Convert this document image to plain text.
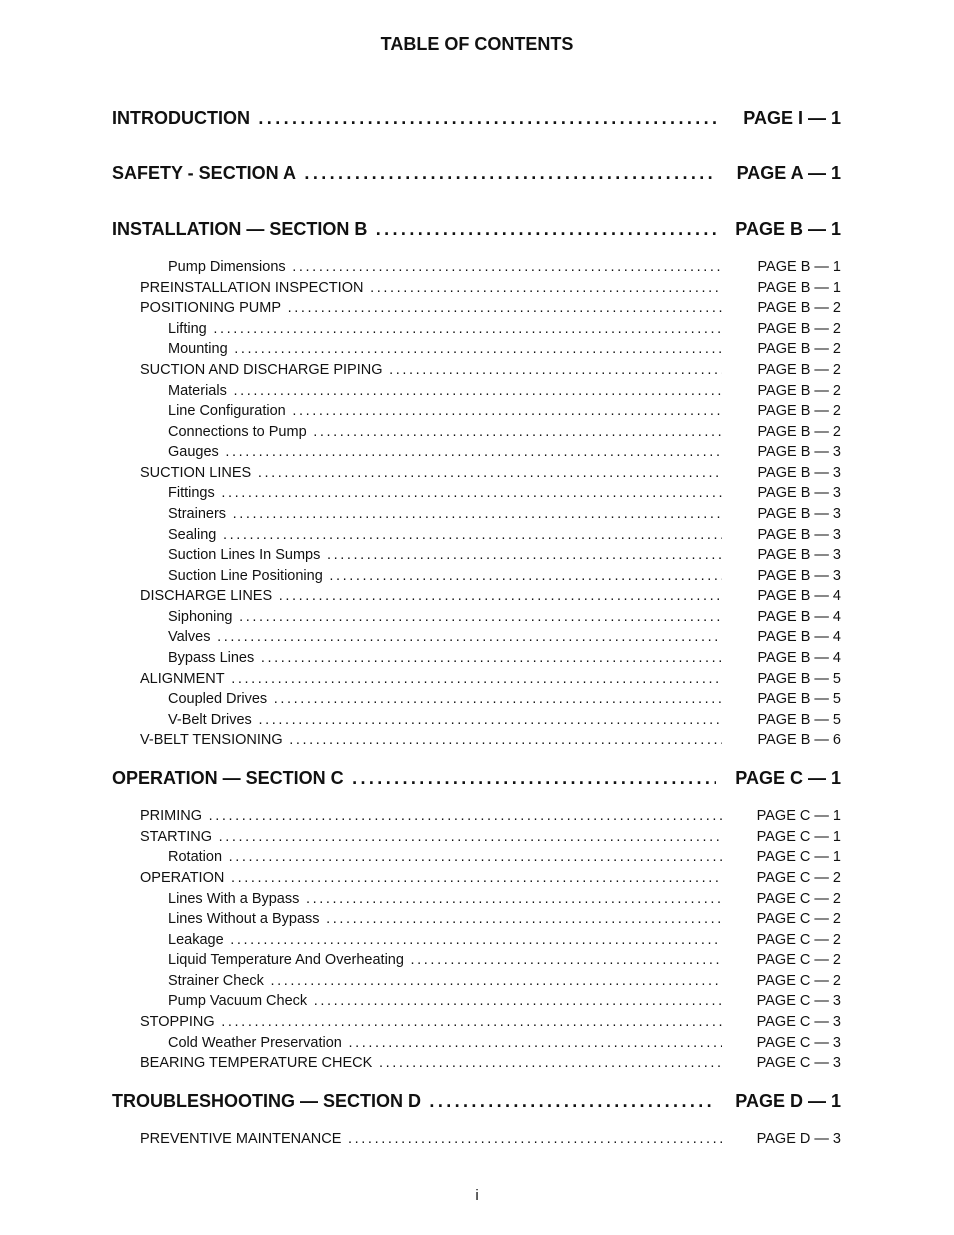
TABLE OF CONTENTS
INTRODUCTION .....	PAGE I — 1
SAFETY - SECTION A .....	PAGE A — 1
INSTALLATION — SECTION B .....	PAGE B — 1
Pump Dimensions .....	PAGE B — 1
PREINSTALLATION INSPECTION .....	PAGE B — 1
POSITIONING PUMP .....	PAGE B — 2
Lifting .....	PAGE B — 2
Mounting .....	PAGE B — 2
SUCTION AND DISCHARGE PIPING .....	PAGE B — 2
Materials .....	PAGE B — 2
Line Configuration .....	PAGE B — 2
Connections to Pump .....	PAGE B — 2
Gauges .....	PAGE B — 3
SUCTION LINES .....	PAGE B — 3
Fittings .....	PAGE B — 3
Strainers .....	PAGE B — 3
Sealing .....	PAGE B — 3
Suction Lines In Sumps .....	PAGE B — 3
Suction Line Positioning .....	PAGE B — 3
DISCHARGE LINES .....	PAGE B — 4
Siphoning .....	PAGE B — 4
Valves .....	PAGE B — 4
Bypass Lines .....	PAGE B — 4
ALIGNMENT .....	PAGE B — 5
Coupled Drives .....	PAGE B — 5
V-Belt Drives .....	PAGE B — 5
V-BELT TENSIONING .....	PAGE B — 6
OPERATION — SECTION C .....	PAGE C — 1
PRIMING .....	PAGE C — 1
STARTING .....	PAGE C — 1
Rotation .....	PAGE C — 1
OPERATION .....	PAGE C — 2
Lines With a Bypass .....	PAGE C — 2
Lines Without a Bypass .....	PAGE C — 2
Leakage .....	PAGE C — 2
Liquid Temperature And Overheating .....	PAGE C — 2
Strainer Check .....	PAGE C — 2
Pump Vacuum Check .....	PAGE C — 3
STOPPING .....	PAGE C — 3
Cold Weather Preservation .....	PAGE C — 3
BEARING TEMPERATURE CHECK .....	PAGE C — 3
TROUBLESHOOTING — SECTION D .....	PAGE D — 1
PREVENTIVE MAINTENANCE .....	PAGE D — 3
i
